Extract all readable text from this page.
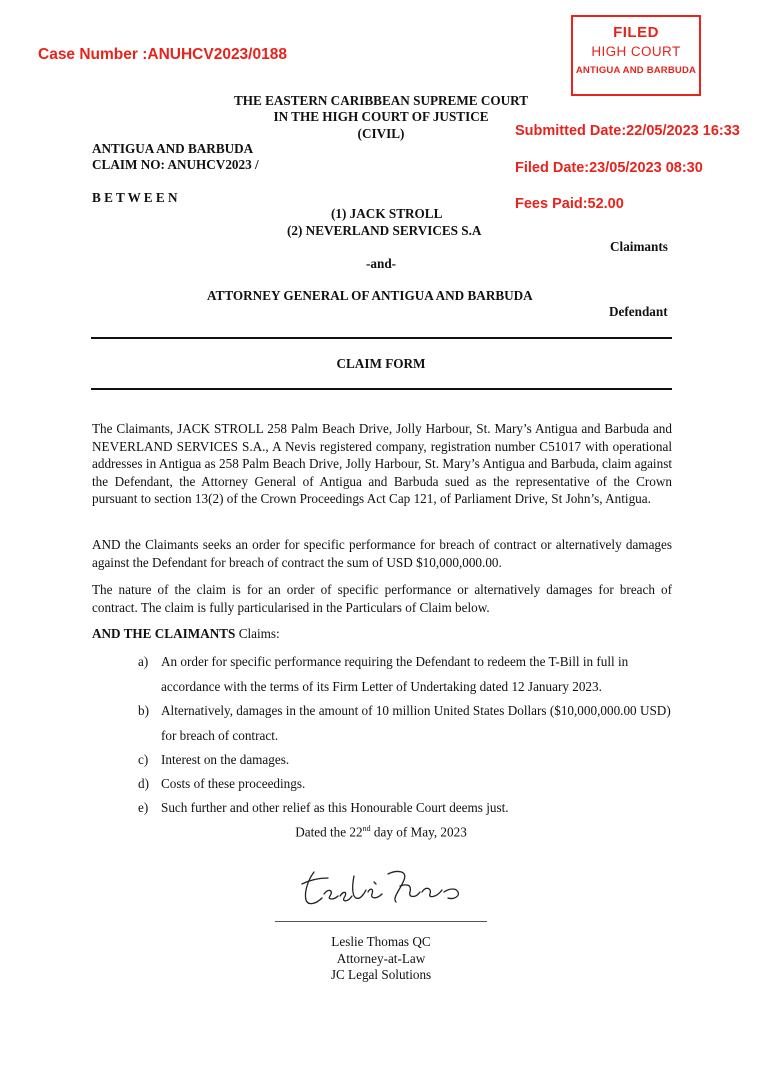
Case Number :ANUHCV2023/0188
FILED
HIGH COURT
ANTIGUA AND BARBUDA
Submitted Date:22/05/2023 16:33
Filed Date:23/05/2023 08:30
Fees Paid:52.00
THE EASTERN CARIBBEAN SUPREME COURT
IN THE HIGH COURT OF JUSTICE
(CIVIL)
ANTIGUA AND BARBUDA
CLAIM NO: ANUHCV2023 /
B E T W E E N
(1) JACK STROLL
(2) NEVERLAND SERVICES S.A
Claimants
-and-
ATTORNEY GENERAL OF ANTIGUA AND BARBUDA
Defendant
CLAIM FORM
The Claimants, JACK STROLL 258 Palm Beach Drive, Jolly Harbour, St. Mary’s Antigua and Barbuda and NEVERLAND SERVICES S.A., A Nevis registered company, registration number C51017 with operational addresses in Antigua as 258 Palm Beach Drive, Jolly Harbour, St. Mary’s Antigua and Barbuda, claim against the Defendant, the Attorney General of Antigua and Barbuda sued as the representative of the Crown pursuant to section 13(2) of the Crown Proceedings Act Cap 121, of Parliament Drive, St John’s, Antigua.
AND the Claimants seeks an order for specific performance for breach of contract or alternatively damages against the Defendant for breach of contract the sum of USD $10,000,000.00.
The nature of the claim is for an order of specific performance or alternatively damages for breach of contract. The claim is fully particularised in the Particulars of Claim below.
AND THE CLAIMANTS Claims:
a) An order for specific performance requiring the Defendant to redeem the T-Bill in full in accordance with the terms of its Firm Letter of Undertaking dated 12 January 2023.
b) Alternatively, damages in the amount of 10 million United States Dollars ($10,000,000.00 USD) for breach of contract.
c) Interest on the damages.
d) Costs of these proceedings.
e) Such further and other relief as this Honourable Court deems just.
Dated the 22nd day of May, 2023
Leslie Thomas QC
Attorney-at-Law
JC Legal Solutions
